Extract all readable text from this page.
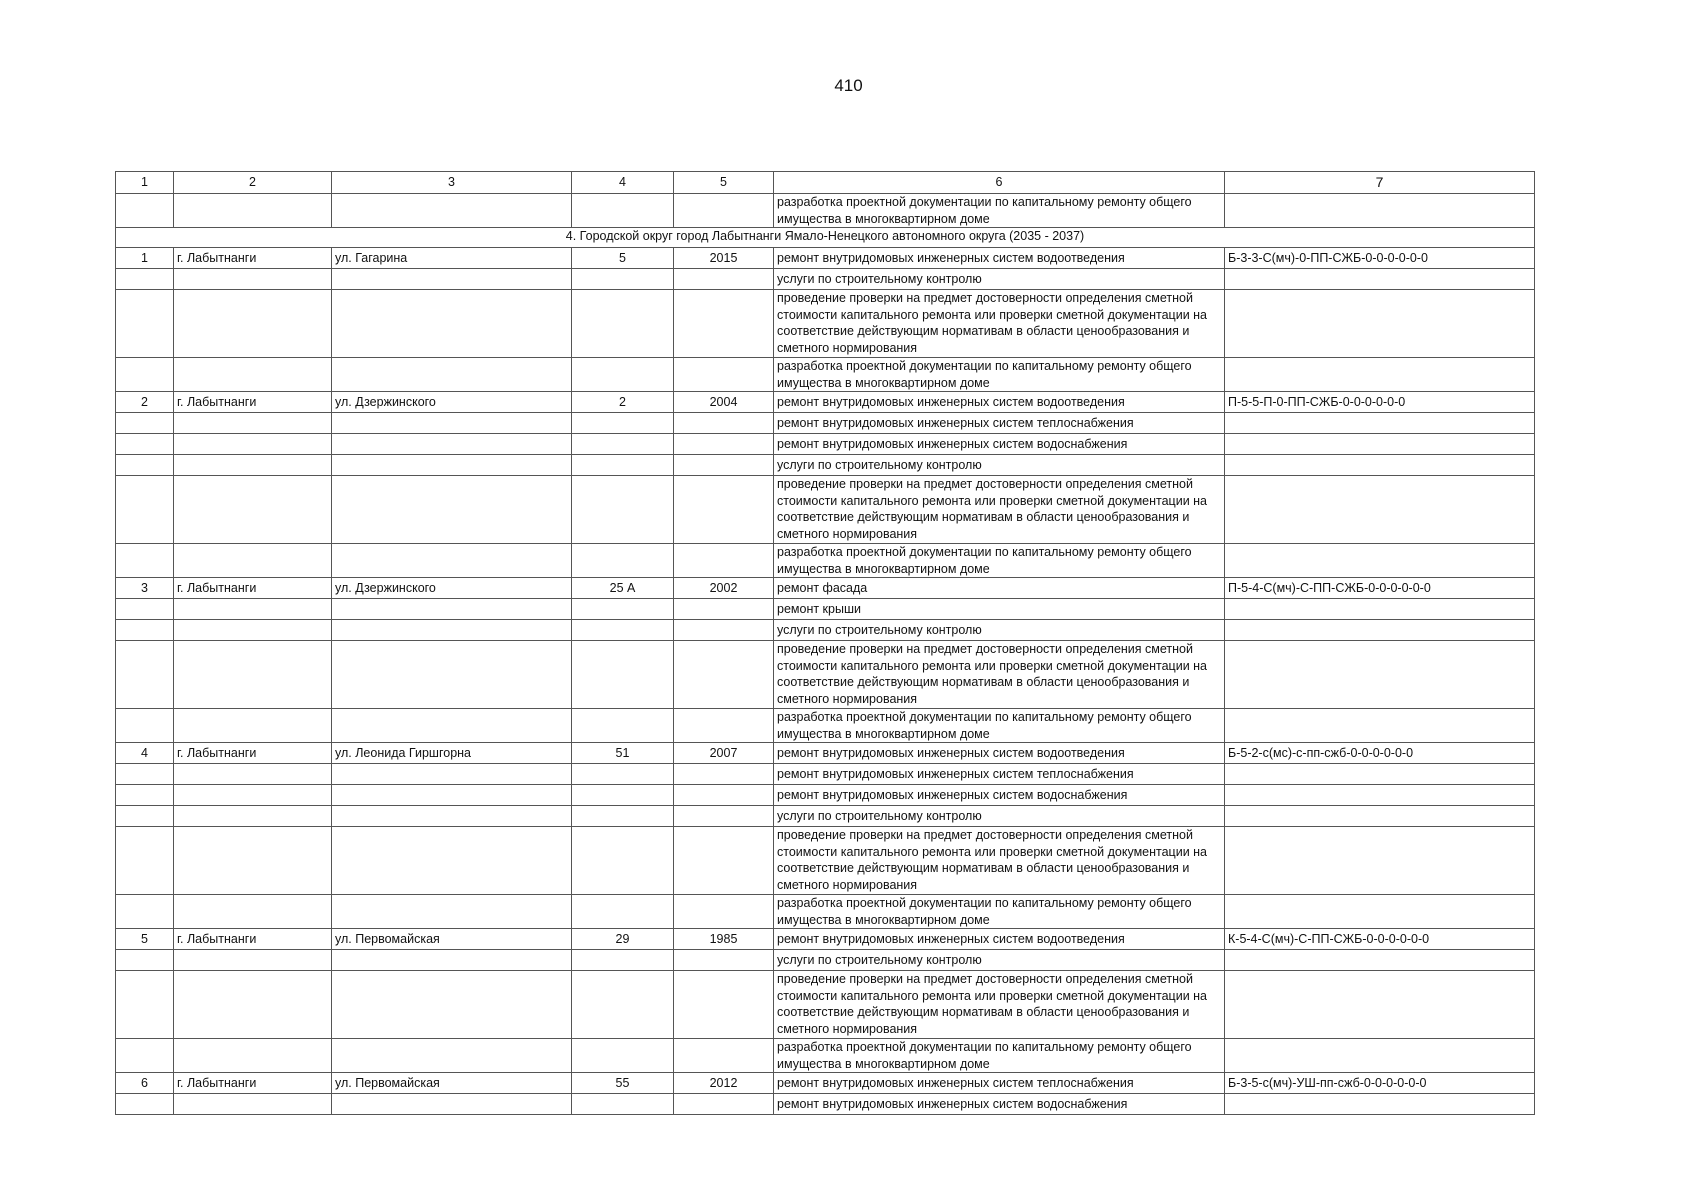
410
1	2	3	4	5	6	7
					разработка проектной документации по капитальному ремонту общего имущества в многоквартирном доме	
4. Городской округ город Лабытнанги Ямало-Ненецкого автономного округа (2035 - 2037)						
1	г. Лабытнанги	ул. Гагарина	5	2015	ремонт внутридомовых инженерных систем водоотведения	Б-3-3-С(мч)-0-ПП-СЖБ-0-0-0-0-0-0
					услуги по строительному контролю	
					проведение проверки на предмет достоверности определения сметной стоимости капитального ремонта или проверки сметной документации на соответствие действующим нормативам в области ценообразования и сметного нормирования	
					разработка проектной документации по капитальному ремонту общего имущества в многоквартирном доме	
2	г. Лабытнанги	ул. Дзержинского	2	2004	ремонт внутридомовых инженерных систем водоотведения	П-5-5-П-0-ПП-СЖБ-0-0-0-0-0-0
					ремонт внутридомовых инженерных систем теплоснабжения	
					ремонт внутридомовых инженерных систем водоснабжения	
					услуги по строительному контролю	
					проведение проверки на предмет достоверности определения сметной стоимости капитального ремонта или проверки сметной документации на соответствие действующим нормативам в области ценообразования и сметного нормирования	
					разработка проектной документации по капитальному ремонту общего имущества в многоквартирном доме	
3	г. Лабытнанги	ул. Дзержинского	25 А	2002	ремонт фасада	П-5-4-С(мч)-С-ПП-СЖБ-0-0-0-0-0-0
					ремонт крыши	
					услуги по строительному контролю	
					проведение проверки на предмет достоверности определения сметной стоимости капитального ремонта или проверки сметной документации на соответствие действующим нормативам в области ценообразования и сметного нормирования	
					разработка проектной документации по капитальному ремонту общего имущества в многоквартирном доме	
4	г. Лабытнанги	ул. Леонида Гиршгорна	51	2007	ремонт внутридомовых инженерных систем водоотведения	Б-5-2-с(мс)-с-пп-сжб-0-0-0-0-0-0
					ремонт внутридомовых инженерных систем теплоснабжения	
					ремонт внутридомовых инженерных систем водоснабжения	
					услуги по строительному контролю	
					проведение проверки на предмет достоверности определения сметной стоимости капитального ремонта или проверки сметной документации на соответствие действующим нормативам в области ценообразования и сметного нормирования	
					разработка проектной документации по капитальному ремонту общего имущества в многоквартирном доме	
5	г. Лабытнанги	ул. Первомайская	29	1985	ремонт внутридомовых инженерных систем водоотведения	К-5-4-С(мч)-С-ПП-СЖБ-0-0-0-0-0-0
					услуги по строительному контролю	
					проведение проверки на предмет достоверности определения сметной стоимости капитального ремонта или проверки сметной документации на соответствие действующим нормативам в области ценообразования и сметного нормирования	
					разработка проектной документации по капитальному ремонту общего имущества в многоквартирном доме	
6	г. Лабытнанги	ул. Первомайская	55	2012	ремонт внутридомовых инженерных систем теплоснабжения	Б-3-5-с(мч)-УШ-пп-сжб-0-0-0-0-0-0
					ремонт внутридомовых инженерных систем водоснабжения	
